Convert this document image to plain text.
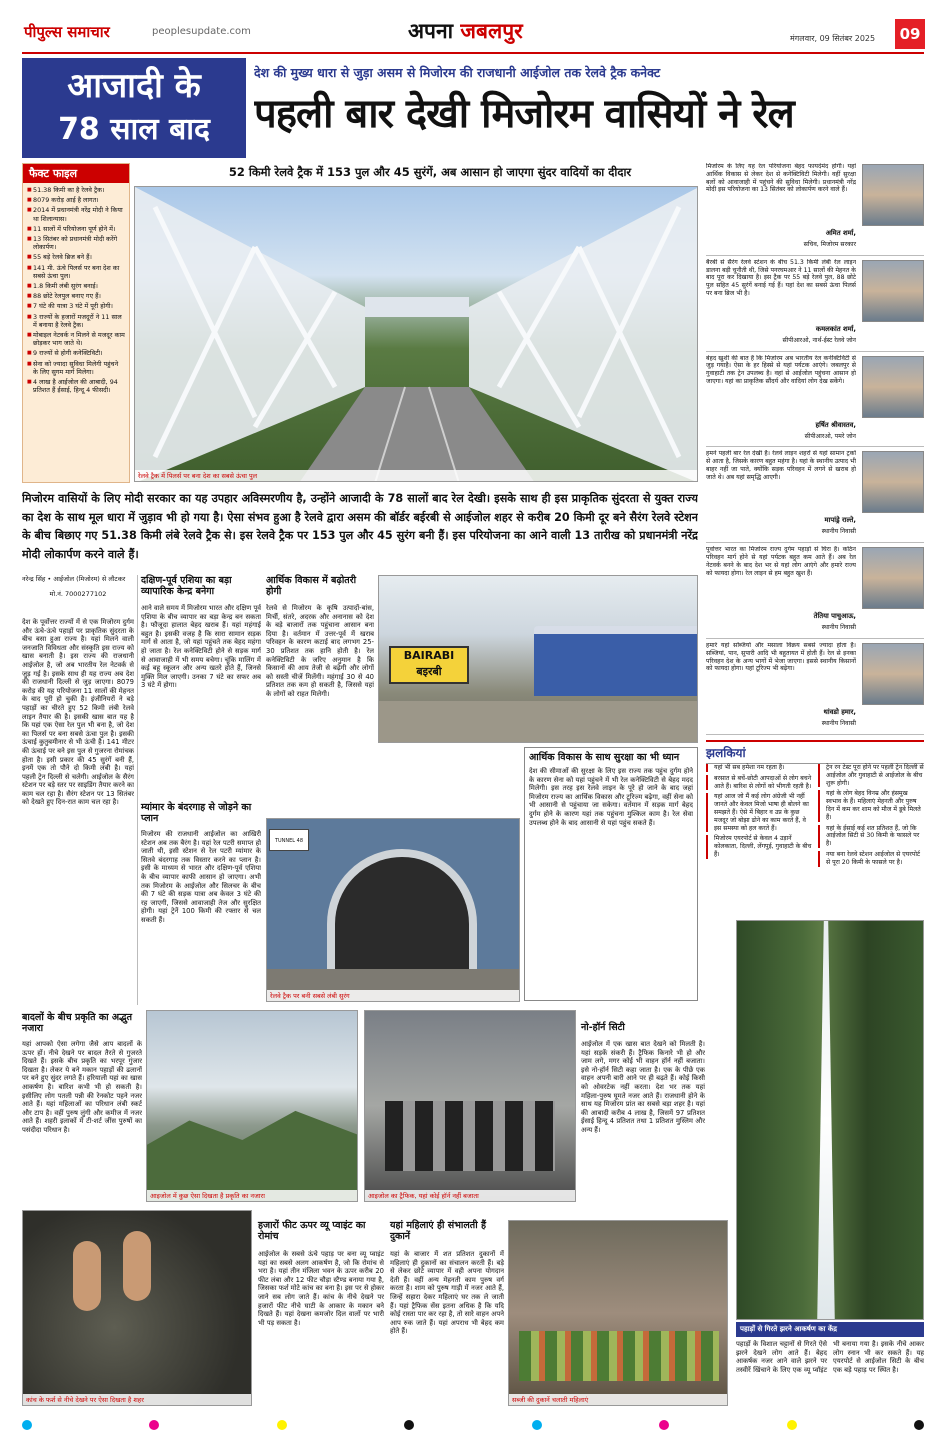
पीपुल्स समाचार	peoplesupdate.com	अपना जबलपुर	मंगलवार, 09 सितंबर 2025	09
आजादी के
78 साल बाद
देश की मुख्य धारा से जुड़ा असम से मिजोरम की राजधानी आईजोल तक रेलवे ट्रैक कनेक्ट
पहली बार देखी मिजोरम वासियों ने रेल
52 किमी रेलवे ट्रैक में 153 पुल और 45 सुरंगें, अब आसान हो जाएगा सुंदर वादियों का दीदार
फैक्ट फाइल
■ 51.38 किमी का है रेलवे ट्रैक।
■ 8079 करोड़ आई है लागत।
■ 2014 में प्रधानमंत्री नरेंद्र मोदी ने किया था शिलान्यास।
■ 11 सालों में परियोजना पूर्ण होने में।
■ 13 सितंबर को प्रधानमंत्री मोदी करेंगे लोकार्पण।
■ 55 बड़े रेलवे ब्रिज बने हैं।
■ 141 मी. ऊंचे पिलर्स पर बना देश का सबसे ऊंचा पुल।
■ 1.8 किमी लंबी सुरंग बनाई।
■ 88 छोटे रेलपुल बनाए गए हैं।
■ 7 घंटे की यात्रा 3 घंटे में पूरी होगी।
■ 3 राज्यों के हजारों मजदूरों ने 11 साल में बनाया है रेलवे ट्रैक।
■ मोबाइल नेटवर्क न मिलने से मजदूर काम छोड़कर भाग जाते थे।
■ 9 राज्यों से होगी कनेक्टिविटी।
■ सेना को ज्यादा सुविधा मिलेगी पहुंचने के लिए सुगम मार्ग मिलेगा।
■ 4 लाख है आईजोल की आबादी, 94 प्रतिशत हैं ईसाई, हिन्दू 4 फीसदी।
रेलवे ट्रैक में पिलर्स पर बना देश का सबसे ऊंचा पुल
मिजोरम वासियों के लिए मोदी सरकार का यह उपहार अविस्मरणीय है, उन्होंने आजादी के 78 सालों बाद रेल देखी। इसके साथ ही इस प्राकृतिक सुंदरता से युक्त राज्य का देश के साथ मूल धारा में जुड़ाव भी हो गया है। ऐसा संभव हुआ है रेलवे द्वारा असम की बॉर्डर बईरबी से आईजोल शहर से करीब 20 किमी दूर बने सैरंग रेलवे स्टेशन के बीच बिछाए गए 51.38 किमी लंबे रेलवे ट्रैक से। इस रेलवे ट्रैक पर 153 पुल और 45 सुरंग बनी हैं। इस परियोजना का आने वाली 13 तारीख को प्रधानमंत्री नरेंद्र मोदी लोकार्पण करने वाले हैं।
नरेन्द्र सिंह • आईजोल (मिजोरम) से लौटकर
मो.नं. 7000277102
देश के पूर्वोत्तर राज्यों में से एक मिजोरम दुर्गम और ऊंचे-ऊंचे पहाड़ों पर प्राकृतिक सुंदरता के बीच बसा हुआ राज्य है। यहां मिलने वाली जनजाति विविधता और संस्कृति इस राज्य को खास बनाती है। इस राज्य की राजधानी आईजोल है, जो अब भारतीय रेल नेटवर्क से जुड़ गई है। इसके साथ ही यह राज्य अब देश की राजधानी दिल्ली से जुड़ जाएगा। 8079 करोड़ की यह परियोजना 11 सालों की मेहनत के बाद पूरी हो चुकी है। इंजीनियरों ने बड़े पहाड़ों का चीरते हुए 52 किमी लंबी रेलवे लाइन तैयार की है। इसकी खास बात यह है कि यहां एक ऐसा रेल पुल भी बना है, जो देश का पिलर्स पर बना सबसे ऊंचा पुल है। इसकी ऊंचाई कुतुबमीनार से भी ऊंची है। 141 मीटर की ऊंचाई पर बने इस पुल से गुजरना रोमांचक होता है। इसी प्रकार की 45 सुरंगें बनी हैं, इनमें एक तो पौने दो किमी लंबी है। यहां पहली ट्रेन दिल्ली से चलेगी। आईजोल के सैरंग स्टेशन पर बड़े स्तर पर साइडिंग तैयार करने का काम चल रहा है। सैरंग स्टेशन पर 13 सितंबर को देखते हुए दिन-रात काम चल रहा है।
दक्षिण-पूर्व एशिया का बड़ा व्यापारिक केन्द्र बनेगा
आने वाले समय में मिजोरम भारत और दक्षिण पूर्व एशिया के बीच व्यापार का बड़ा केन्द्र बन सकता है। फौजूदा हालात बेहद खराब हैं। यहां महंगाई बहुत है। इसकी वजह है कि सारा सामान सड़क मार्ग से आता है, जो यहां पहुंचते तक बेहद महंगा हो जाता है। रेल कनेक्टिविटी होने से सड़क मार्ग से आवाजाही में भी समय बचेगा। चूंकि मालिंग में कई बहू स्कूलन और अन्य खतरे होते हैं, जिनसे मुक्ति मिल जाएगी। उनका 7 घंटे का सफर अब 3 घंटे में होगा।
म्यांमार के बंदरगाह से जोड़ने का प्लान
मिजोरम की राजधानी आईजोल का आखिरी स्टेशन अब तक बैरंग है। यहां रेल पटरी समाप्त हो जाती थी, इसी स्टेशन से रेल पटरी म्यांमार के सितवे बंदरगाह तक विस्तार करने का प्लान है। इसी के माध्यम से भारत और दक्षिण-पूर्व एशिया के बीच व्यापार काफी आसान हो जाएगा। अभी तक मिजोरम के आईजोल और सिलचर के बीच की 7 घंटे की सड़क यात्रा अब केवल 3 घंटे की रह जाएगी, जिससे आवाजाही तेज और सुरक्षित होगी। यहां ट्रेनें 100 किमी की रफ्तार से चल सकती हैं।
आर्थिक विकास में बढ़ोतरी होगी
रेलवे से मिजोरम के कृषि उत्पादों-बांस, मिर्ची, संतरे, अदरक और अनानास को देश के बड़े बाजारों तक पहुंचाना आसान बना दिया है। वर्तमान में उत्तर-पूर्व में खराब परिवहन के कारण कटाई बाद लगभग 25-30 प्रतिशत तक हानि होती है। रेल कनेक्टिविटी के जरिए अनुमान है कि किसानों की आय तेजी से बढ़ेगी और लोगों को सस्ती चीजें मिलेंगी। महंगाई 30 से 40 प्रतिशत तक कम हो सकती है, जिससे यहां के लोगों को राहत मिलेगी।
BAIRABI
बइरबी
TUNNEL 48
रेलवे ट्रैक पर बनी सबसे लंबी सुरंग
आर्थिक विकास के साथ सुरक्षा का भी ध्यान
देश की सीमाओं की सुरक्षा के लिए इस राज्य तक पहुंच दुर्गम होने के कारण सेना को यहां पहुंचने में भी रेल कनेक्टिविटी से बेहद मदद मिलेगी। इस तरह इस रेलवे लाइन के पूरे हो जाने के बाद जहां मिजोरम राज्य का आर्थिक विकास और टूरिज्म बढ़ेगा, वहीं सेना को भी आसानी से पहुंचाया जा सकेगा। वर्तमान में सड़क मार्ग बेहद दुर्गम होने के कारण यहां तक पहुंचना मुश्किल काम है। रेल सेवा उपलब्ध होने के बाद आसानी से यहां पहुंच सकते हैं।
बादलों के बीच प्रकृति का अद्भुत नजारा
यहां आपको ऐसा लगेगा जैसे आप बादलों के ऊपर हों। नीचे देखने पर बादल तैरते से गुजरते दिखते हैं। इसके बीच प्रकृति का भरपूर गुंजार दिखता है। लेकर ये बने मकान पहाड़ों की ढलानों पर बने हुए सुंदर लगते हैं। हरियाली यहां का खास आकर्षण है। बारिश कभी भी हो सकती है। इसीलिए लोग पतली पन्नी की रेनकोट पहने नजर आते हैं। यहां महिलाओं का परिधान लंबी स्कर्ट और टाप है। वहीं पुरुष लुंगी और कमीज में नजर आते हैं। शहरी इलाकों में टी-शर्ट जींस पुरुषों का पसंदीदा परिधान है।
आइजोल में कुछ ऐसा दिखता है प्रकृति का नजारा	आइजोल का ट्रैफिक, यहां कोई हॉर्न नहीं बजाता
नो-हॉर्न सिटी
आईजोल में एक खास बात देखने को मिलती है। यहां सड़कें संकरी हैं। ट्रैफिक किनारे भी हो और जाम लगे, मगर कोई भी वाहन हॉर्न नहीं बजाता। इसे नो-हॉर्न सिटी कहा जाता है। एक के पीछे एक वाहन अपनी बारी आने पर ही बढ़ते हैं। कोई किसी को ओवरटेक नहीं करता। देश भर तक यहां महिला-पुरुष घूमते नजर आते हैं। राजधानी होने के साथ यह मिजोरम प्रांत का सबसे बड़ा शहर है। यहां की आबादी करीब 4 लाख है, जिसमें 97 प्रतिशत ईसाई हिन्दू 4 प्रतिशत तथा 1 प्रतिशत मुस्लिम और अन्य हैं।
कांच के फर्श से नीचे देखने पर ऐसा दिखता है शहर
हजारों फीट ऊपर व्यू प्वाइंट का रोमांच
आईजोल के सबसे ऊंचे पहाड़ पर बना व्यू प्वाइंट यहां का सबसे अलग आकर्षण है, जो कि रोमांच से भरा है। यहां तीन मंजिला भवन के ऊपर करीब 20 फीट लंबा और 12 फीट चौड़ा स्टैण्ड बनाया गया है, जिसका फर्श मोटे कांच का बना है। इस पर से होकर जाने सब लोग जाते हैं। कांच के नीचे देखने पर हजारों फीट नीचे घाटी के आकार के मकान बने दिखते हैं। यहां देखना कमजोर दिल वालों पर भारी भी पड़ सकता है।
यहां महिलाएं ही संभालती हैं दुकानें
यहां के बाजार में शत प्रतिशत दुकानों में महिलाएं ही दुकानों का संचालन करती हैं। बड़े से लेकर छोटे व्यापार में वही अपना योगदान देती हैं। वहीं अन्य मेहनती काम पुरुष वर्ग करता है। शाम को पुरुष गाड़ी में नजर आते हैं, जिन्हें सहारा देकर महिलाएं घर तक ले जाती हैं। यहां ट्रैफिक सेंस इतना अधिक है कि यदि कोई रास्ता पार कर रहा है, तो सारे वाहन अपने आप रुक जाते हैं। यहां अपराध भी बेहद कम होते हैं।
सब्जी की दुकानें चलाती महिलाएं
मिजोरम के लिए यह रेल परियोजना बेहद फायदेमंद होगी। यहां आर्थिक विकास से लेकर देश से कनेक्टिविटी मिलेगी। वहीं सुरक्षा बलों को आवाजाही में पहुंचने की सुविधा मिलेगी। प्रधानमंत्री नरेंद्र मोदी इस परियोजना का 13 सितंबर को लोकार्पण करने वाले हैं।
अमित शर्मा,
सचिव, मिजोरम सरकार
बैरबी से सैरंग रेलवे स्टेशन के बीच 51.3 किमी लंबी रेल लाइन डालना बड़ी चुनौती थी, जिसे पनरघमआर ने 11 सालों की मेहनत के बाद पूरा कर दिखाया है। इस ट्रैक पर 55 बड़े रेलवे पुल, 88 छोटे पुल सहित 45 सुरंगें बनाई गई हैं। यहां देश का सबसे ऊंचा पिलर्स पर बना ब्रिज भी है।
कमलकांत शर्मा,
सीपीआरओ, नार्थ-ईस्ट रेलवे जोन
बेहद खुशी की बात है कि मिजोरम अब भारतीय रेल कनेक्टिविटी से जुड़ गयाहै। ऐसा के हर हिस्से से यहां पर्यटक आएंगे। जबलपुर से गुवाहाटी तक ट्रेन उपलब्ध है। वहां से आईजोल पहुंचना आसान हो जाएगा। यहां का प्राकृतिक सौंदर्य और वादियां लोग देख सकेंगे।
हर्षित श्रीवास्तव,
सीपीआरओ, पमरे जोन
हमने पहली बार रेल देखी है। रेलवे लाइन शहरों से यहां सामान ट्रकों से आता है, जिसके कारण बहुत महंगा है। यहां के स्थानीय उत्पाद भी बाहर नहीं जा पाते, क्योंकि सड़क परिवहन में लगने से खराब हो जाते थे। अब यहां समृद्धि आएगी।
मापांड्रे राल्ते,
स्थानीय निवासी
पूर्वोत्तर भारत का मिजोरम राज्य दुर्गम पहाड़ों से घिरा है। कठिन परिवहन मार्ग होने से यहां पर्यटक बहुत कम आते हैं। अब रेल नेटवर्क बनने के बाद देश भर से यहां लोग आएंगे और हमारे राज्य को फायदा होगा। रेल लाइन से हम बहुत खुश हैं।
तेतिया पाचुआऊ,
स्थानीय निवासी
हमारे यहां सब्जियों और मसाला विक्रय सबसे ज्यादा होता है। सब्जियां, पान, सुपारी आदि भी बहुतायत में होती हैं। रेल से इनका परिवहन देश के अन्य भागों में भेजा जाएगा। इससे स्थानीय किसानों को फायदा होगा। यहां टूरिज्म भी बढ़ेगा।
थांवडो हमार,
स्थानीय निवासी
झलकियां
यहां भी सब हमेशा नम रहता है।
बरसात से बचें-छोटी आपदाओं से लोग बचने आते हैं। बारिश से लोगों को भीगती रहती है।
यहां आज जो मैं कई लोग अंग्रेजी भी नहीं जानते और केवल मिजो भाषा ही बोलने का समझते हैं। ऐसे में बिहार व उप्र के कुछ मजदूर जो बोझा ढोने का काम करते हैं, वे इस समस्या को हल करते हैं।
मिजोरम एयरपोर्ट से केवल 4 उड़ानें कोलकाता, दिल्ली, लेंगपुई, गुवाहाटी के बीच हैं।
ट्रेन रन टेस्ट पूरा होने पर पहली ट्रेन दिल्ली से आईजोल और गुवाहाटी से आईजोल के बीच शुरू होगी।
यहां के लोग बेहद विनम्र और हंसमुख स्वभाव के हैं। महिलाएं मेहनती और पुरुष दिन में कम कर शाम को मौज में डूबे मिलते हैं।
यहां के ईसाई कई शत प्रतिशत हैं, जो कि आईजोल सिटी से 30 किमी के फासले पर है।
नया बना रेलवे स्टेशन आईजोल से एयरपोर्ट से पूरा 20 किमी के फासले पर है।
पहाड़ों से गिरते झरने आकर्षण का केंद्र
पहाड़ों के विशाल चट्टानों से गिरते ऐसे झरने देखने लोग आते हैं। बेहद आकर्षक नजर आने वाले झरने पर तस्वीरें खिंचाने के लिए एक व्यू प्वॉइंट भी बनाया गया है। इसके नीचे आकर लोग स्नान भी कर सकते हैं। यह एयरपोर्ट से आईजोल सिटी के बीच एक बड़े पहाड़ पर स्थित है।
